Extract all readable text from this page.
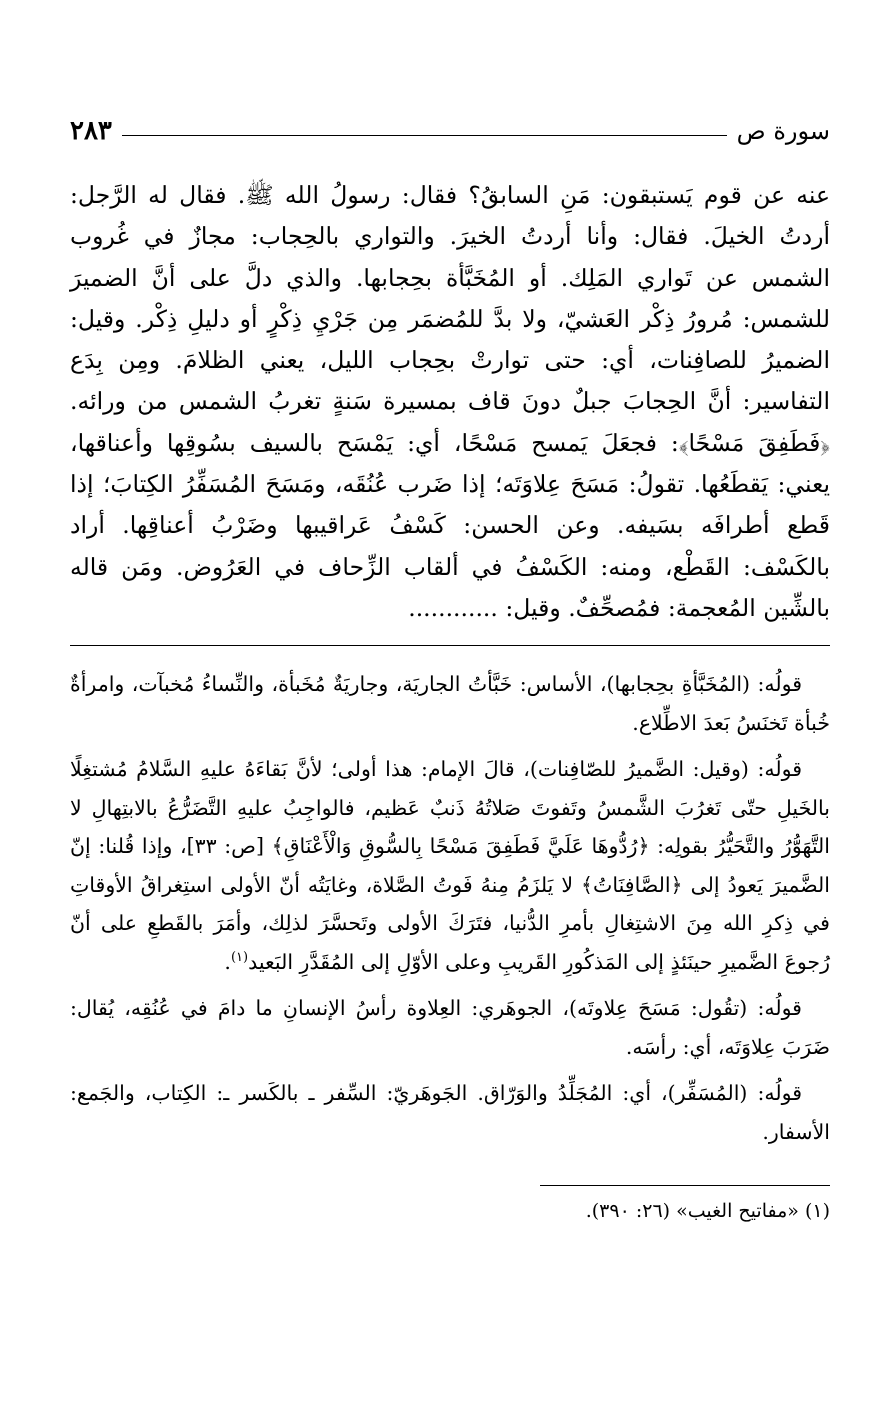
سورة ص
٢٨٣

عنه عن قوم يَستبقون: مَنِ السابقُ؟ فقال: رسولُ الله ﷺ. فقال له الرَّجل: أردتُ الخيلَ. فقال: وأنا أردتُ الخيرَ. والتواري بالحِجاب: مجازٌ في غُروب الشمس عن تَواري المَلِك. أو المُخَبَّأة بحِجابها. والذي دلَّ على أنَّ الضميرَ للشمس: مُرورُ ذِكْر العَشيّ، ولا بدَّ للمُضمَر مِن جَرْيِ ذِكْرٍ أو دليلِ ذِكْر. وقيل: الضميرُ للصافِنات، أي: حتى توارتْ بحِجاب الليل، يعني الظلامَ. ومِن بِدَع التفاسير: أنَّ الحِجابَ جبلٌ دونَ قاف بمسيرة سَنةٍ تغربُ الشمس من ورائه. ﴿فَطَفِقَ مَسْحًا﴾: فجعَلَ يَمسح مَسْحًا، أي: يَمْسَح بالسيف بسُوقِها وأعناقها، يعني: يَقطَعُها. تقولُ: مَسَحَ عِلاوَتَه؛ إذا ضَرب عُنُقَه، ومَسَحَ المُسَفِّرُ الكِتابَ؛ إذا قَطع أطرافَه بسَيفه. وعن الحسن: كَسْفُ عَراقيبها وضَرْبُ أعناقِها. أراد بالكَسْف: القَطْع، ومنه: الكَسْفُ في ألقاب الزِّحاف في العَرُوض. ومَن قاله بالشِّين المُعجمة: فمُصحِّفٌ. وقيل: ............

قولُه: (المُخَبَّأةِ بحِجابها)، الأساس: خَبَّأتُ الجاريَة، وجاريَةٌ مُخَبأة، والنِّساءُ مُخبآت، وامرأةٌ خُبأة تَخنَسُ بَعدَ الاطِّلاع.

قولُه: (وقيل: الضَّميرُ للصّافِنات)، قالَ الإمام: هذا أولى؛ لأنَّ بَقاءَهُ عليهِ السَّلامُ مُشتغِلًا بالخَيلِ حتّى تَغرُبَ الشَّمسُ وتَفوتَ صَلاتُهُ ذَنبٌ عَظيم، فالواجِبُ عليهِ التَّضَرُّعُ بالابتِهالِ لا التَّهَوُّرُ والتَّحَيُّرُ بقولِه: ﴿رُدُّوهَا عَلَيَّ فَطَفِقَ مَسْحًا بِالسُّوقِ وَالْأَعْنَاقِ﴾ [ص: ٣٣]، وإذا قُلنا: إنّ الضَّميرَ يَعودُ إلى ﴿الصَّافِنَاتُ﴾ لا يَلزَمُ مِنهُ فَوتُ الصَّلاة، وغايَتُه أنّ الأولى استِغراقُ الأوقاتِ في ذِكرِ الله مِنَ الاشتِغالِ بأمرِ الدُّنيا، فتَرَكَ الأولى وتَحسَّرَ لذلِك، وأمَرَ بالقَطعِ على أنّ رُجوعَ الضَّميرِ حينَئذٍ إلى المَذكُورِ القَريبِ وعلى الأوّلِ إلى المُقَدَّرِ البَعيد$^{(١)}$.

قولُه: (تقُول: مَسَحَ عِلاوتَه)، الجوهَري: العِلاوة رأسُ الإنسانِ ما دامَ في عُنُقِه، يُقال: ضَرَبَ عِلاوَتَه، أي: رأسَه.

قولُه: (المُسَفِّر)، أي: المُجَلِّدُ والوَرّاق. الجَوهَريّ: السِّفر ـ بالكَسر ـ: الكِتاب، والجَمع: الأسفار.

(١) «مفاتيح الغيب» (٢٦: ٣٩٠).
